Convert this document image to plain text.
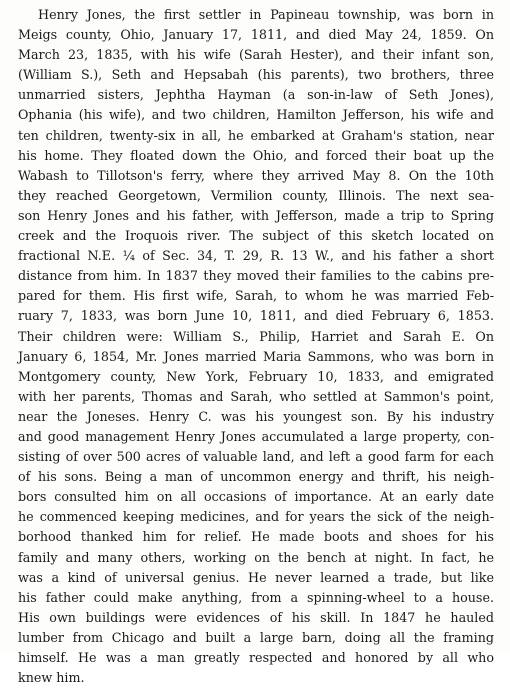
Henry Jones, the first settler in Papineau township, was born in
Meigs county, Ohio, January 17, 1811, and died May 24, 1859. On
March 23, 1835, with his wife (Sarah Hester), and their infant son,
(William S.), Seth and Hepsabah (his parents), two brothers, three
unmarried sisters, Jephtha Hayman (a son-in-law of Seth Jones),
Ophania (his wife), and two children, Hamilton Jefferson, his wife and
ten children, twenty-six in all, he embarked at Graham's station, near
his home. They floated down the Ohio, and forced their boat up the
Wabash to Tillotson's ferry, where they arrived May 8. On the 10th
they reached Georgetown, Vermilion county, Illinois. The next sea-
son Henry Jones and his father, with Jefferson, made a trip to Spring
creek and the Iroquois river. The subject of this sketch located on
fractional N.E. ¼ of Sec. 34, T. 29, R. 13 W., and his father a short
distance from him. In 1837 they moved their families to the cabins pre-
pared for them. His first wife, Sarah, to whom he was married Feb-
ruary 7, 1833, was born June 10, 1811, and died February 6, 1853.
Their children were: William S., Philip, Harriet and Sarah E. On
January 6, 1854, Mr. Jones married Maria Sammons, who was born in
Montgomery county, New York, February 10, 1833, and emigrated
with her parents, Thomas and Sarah, who settled at Sammon's point,
near the Joneses. Henry C. was his youngest son. By his industry
and good management Henry Jones accumulated a large property, con-
sisting of over 500 acres of valuable land, and left a good farm for each
of his sons. Being a man of uncommon energy and thrift, his neigh-
bors consulted him on all occasions of importance. At an early date
he commenced keeping medicines, and for years the sick of the neigh-
borhood thanked him for relief. He made boots and shoes for his
family and many others, working on the bench at night. In fact, he
was a kind of universal genius. He never learned a trade, but like
his father could make anything, from a spinning-wheel to a house.
His own buildings were evidences of his skill. In 1847 he hauled
lumber from Chicago and built a large barn, doing all the framing
himself. He was a man greatly respected and honored by all who
knew him.
